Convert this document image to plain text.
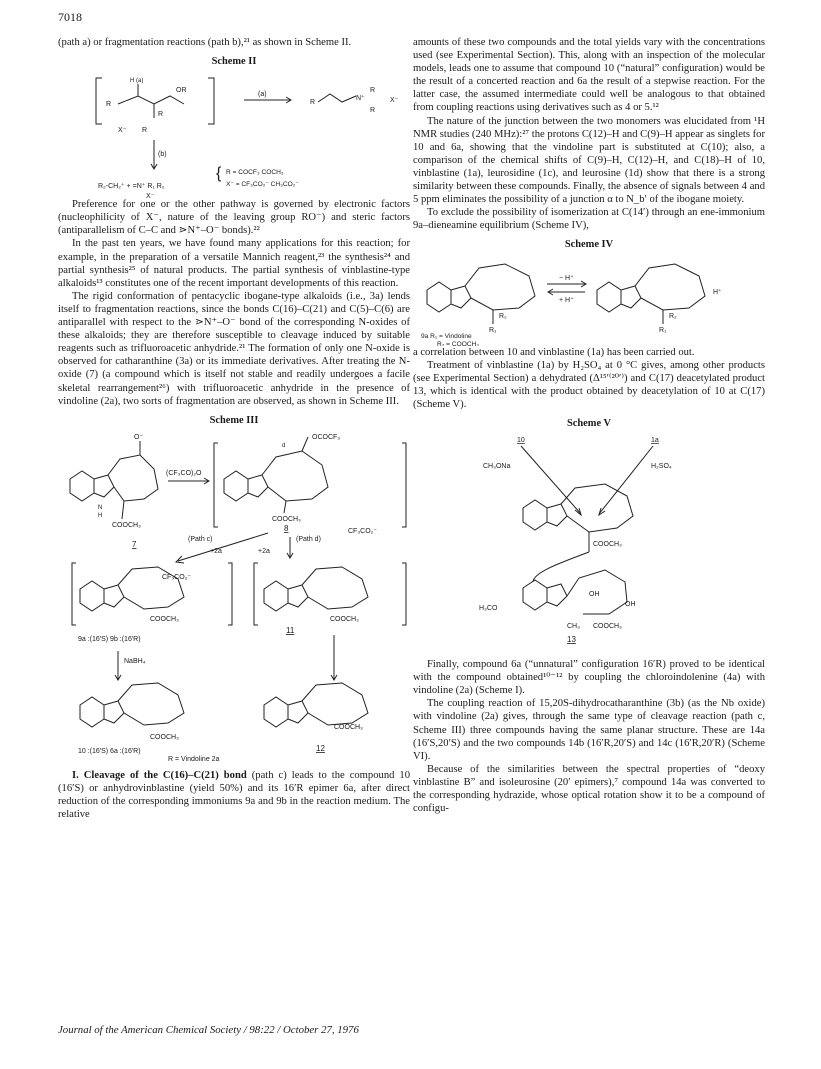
7018

(path a) or fragmentation reactions (path b),²¹ as shown in Scheme II.

Scheme II
H (a)
R
OR
R
R
X⁻
(a)
R
N⁺
R
R
X⁻
(b)
R₂-CH₂⁺ + =N⁺ R₁ R₂
X⁻
{ R = COCF₃ COCH₃
X⁻ = CF₃CO₂⁻ CH₃CO₂⁻

Preference for one or the other pathway is governed by electronic factors (nucleophilicity of X⁻, nature of the leaving group RO⁻) and steric factors (antiparallelism of C–C and ⋗N⁺–O⁻ bonds).²²

In the past ten years, we have found many applications for this reaction; for example, in the preparation of a versatile Mannich reagent,²³ the synthesis²⁴ and partial synthesis²⁵ of natural products. The partial synthesis of vinblastine-type alkaloids¹³ constitutes one of the recent important developments of this reaction.

The rigid conformation of pentacyclic ibogane-type alkaloids (i.e., 3a) lends itself to fragmentation reactions, since the bonds C(16)–C(21) and C(5)–C(6) are antiparallel with respect to the ⋗N⁺–O⁻ bond of the corresponding N-oxides of these alkaloids; they are therefore susceptible to cleavage induced by suitable reagents such as trifluoroacetic anhydride.²¹ The formation of only one N-oxide is observed for catharanthine (3a) or its immediate derivatives. After treating the N-oxide (7) (a compound which is itself not stable and readily undergoes a facile skeletal rearrangement²⁶) with trifluoroacetic anhydride in the presence of vindoline (2a), two sorts of fragmentation are observed, as shown in Scheme III.

Scheme III
O⁻
COOCH₃
N
H
7
(CF₃CO)₂O
OCOCF₃
d
COOCH₃
8	CF₃CO₂⁻
(Path c)
+2a
(Path d)
+2a
CF₃CO₂⁻
COOCH₃
9a :(16′S) 9b :(16′R)
COOCH₃
11
NaBH₄
COOCH₃
10 :(16′S) 6a :(16′R)
R = Vindoline 2a
COOCH₃
12

I. Cleavage of the C(16)–C(21) bond (path c) leads to the compound 10 (16′S) or anhydrovinblastine (yield 50%) and its 16′R epimer 6a, after direct reduction of the corresponding immoniums 9a and 9b in the reaction medium. The relative

amounts of these two compounds and the total yields vary with the concentrations used (see Experimental Section). This, along with an inspection of the molecular models, leads one to assume that compound 10 (“natural” configuration) would be the result of a concerted reaction and 6a the result of a stepwise reaction. For the latter case, the assumed intermediate could well be analogous to that obtained from coupling reactions using derivatives such as 4 or 5.¹²

The nature of the junction between the two monomers was elucidated from ¹H NMR studies (240 MHz):²⁷ the protons C(12)–H and C(9)–H appear as singlets for 10 and 6a, showing that the vindoline part is substituted at C(10); also, a comparison of the chemical shifts of C(9)–H, C(12)–H, and C(18)–H of 10, vinblastine (1a), leurosidine (1c), and leurosine (1d) show that there is a strong similarity between these compounds. Finally, the absence of signals between 4 and 5 ppm eliminates the possibility of a junction α to N_b′ of the ibogane moiety.

To exclude the possibility of isomerization at C(14′) through an ene-immonium 9a–dieneamine equilibrium (Scheme IV),

Scheme IV
R₁
R₂
− H⁺
+ H⁺
H⁺
R₁
R₂
9a R₁ = Vindoline
R₂ = COOCH₃

a correlation between 10 and vinblastine (1a) has been carried out.

Treatment of vinblastine (1a) by H₂SO₄ at 0 °C gives, among other products (see Experimental Section) a dehydrated (Δ¹⁵′⁽²⁰′⁾) and C(17) deacetylated product 13, which is identical with the product obtained by deacetylation of 10 at C(17) (Scheme V).

Scheme V
10	1a
CH₃ONa	H₂SO₄
COOCH₃
H₃CO
OH
OH
CH₃ COOCH₃
13

Finally, compound 6a (“unnatural” configuration 16′R) proved to be identical with the compound obtained¹⁰⁻¹² by coupling the chloroindolenine (4a) with vindoline (2a) (Scheme I).

The coupling reaction of 15,20S-dihydrocatharanthine (3b) (as the Nb oxide) with vindoline (2a) gives, through the same type of cleavage reaction (path c, Scheme III) three compounds having the same planar structure. These are 14a (16′S,20′S) and the two compounds 14b (16′R,20′S) and 14c (16′R,20′R) (Scheme VI).

Because of the similarities between the spectral properties of “deoxy vinblastine B” and isoleurosine (20′ epimers),⁷ compound 14a was converted to the corresponding hydrazide, whose optical rotation show it to be a compound of configu-

Journal of the American Chemical Society / 98:22 / October 27, 1976
